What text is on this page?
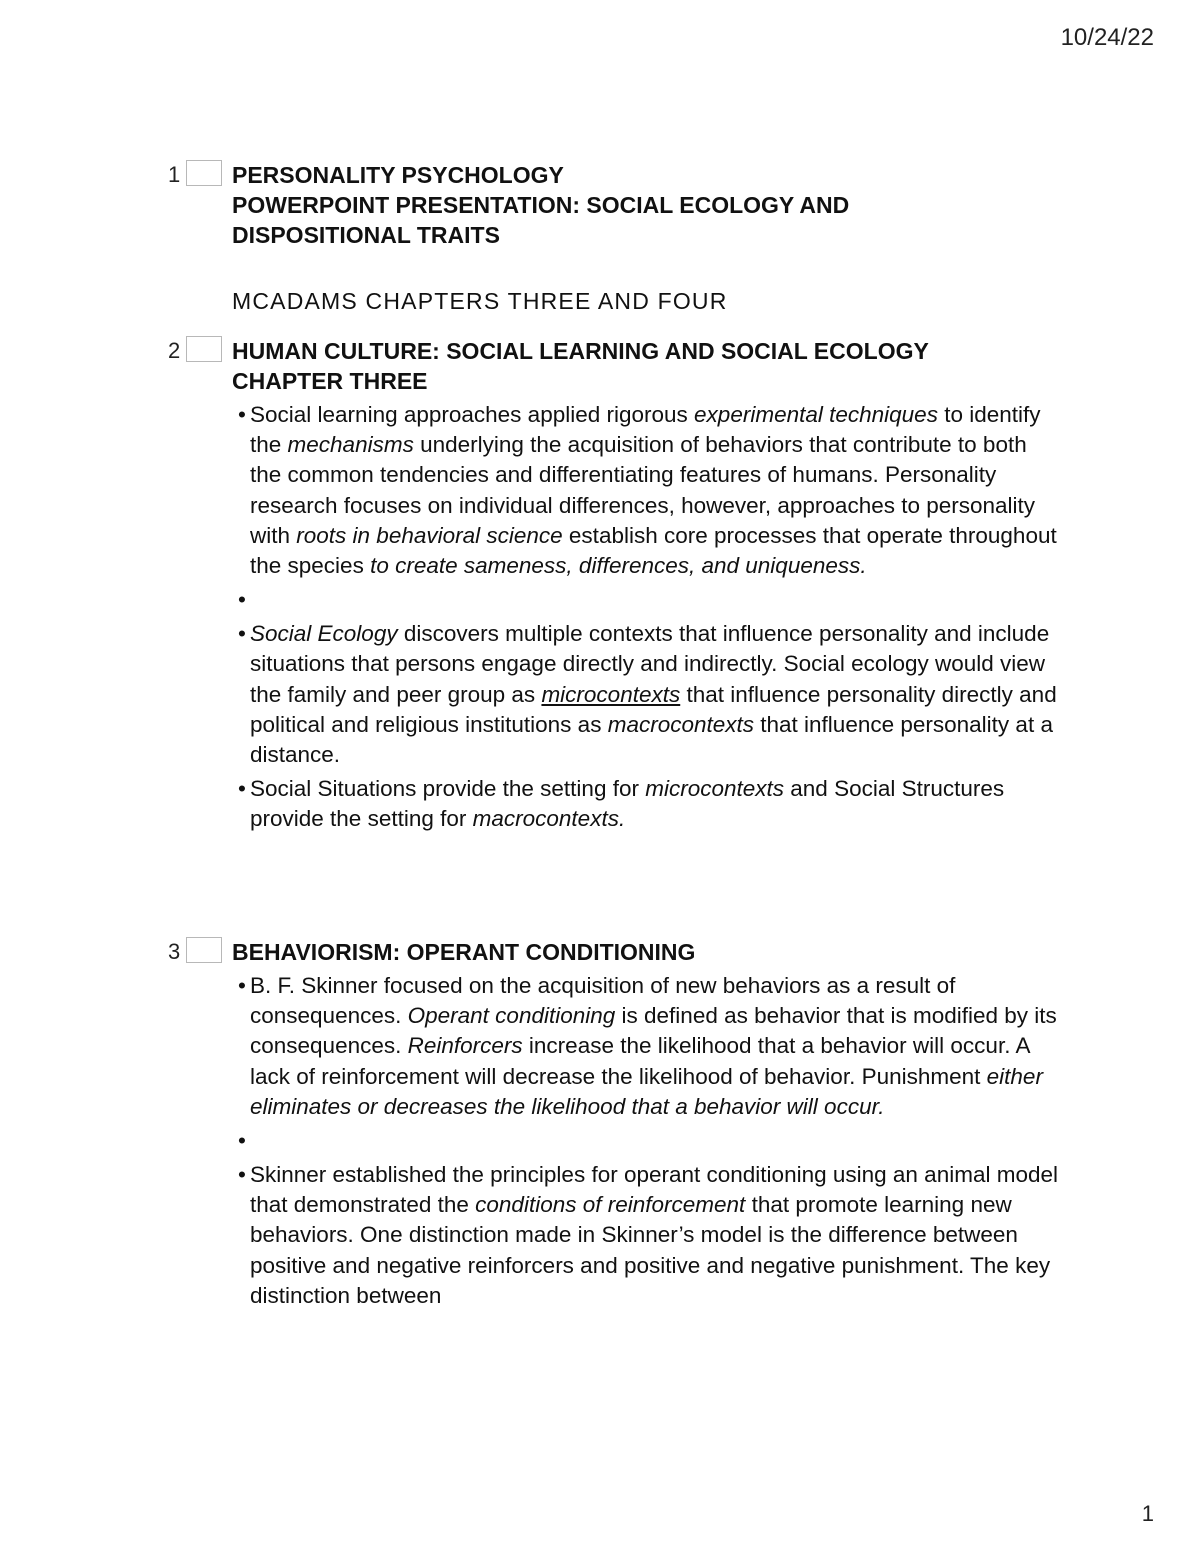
10/24/22
1 PERSONALITY PSYCHOLOGY
POWERPOINT PRESENTATION: SOCIAL ECOLOGY AND
DISPOSITIONAL TRAITS
MCADAMS CHAPTERS THREE AND FOUR
2 HUMAN CULTURE: SOCIAL LEARNING AND SOCIAL ECOLOGY
CHAPTER THREE
• Social learning approaches applied rigorous experimental techniques to identify the mechanisms underlying the acquisition of behaviors that contribute to both the common tendencies and differentiating features of humans. Personality research focuses on individual differences, however, approaches to personality with roots in behavioral science establish core processes that operate throughout the species to create sameness, differences, and uniqueness.
•
• Social Ecology discovers multiple contexts that influence personality and include situations that persons engage directly and indirectly. Social ecology would view the family and peer group as microcontexts that influence personality directly and political and religious institutions as macrocontexts that influence personality at a distance.
• Social Situations provide the setting for microcontexts and Social Structures provide the setting for macrocontexts.
3 BEHAVIORISM: OPERANT CONDITIONING
• B. F. Skinner focused on the acquisition of new behaviors as a result of consequences. Operant conditioning is defined as behavior that is modified by its consequences. Reinforcers increase the likelihood that a behavior will occur. A lack of reinforcement will decrease the likelihood of behavior. Punishment either eliminates or decreases the likelihood that a behavior will occur.
•
• Skinner established the principles for operant conditioning using an animal model that demonstrated the conditions of reinforcement that promote learning new behaviors. One distinction made in Skinner’s model is the difference between positive and negative reinforcers and positive and negative punishment. The key distinction between
1
